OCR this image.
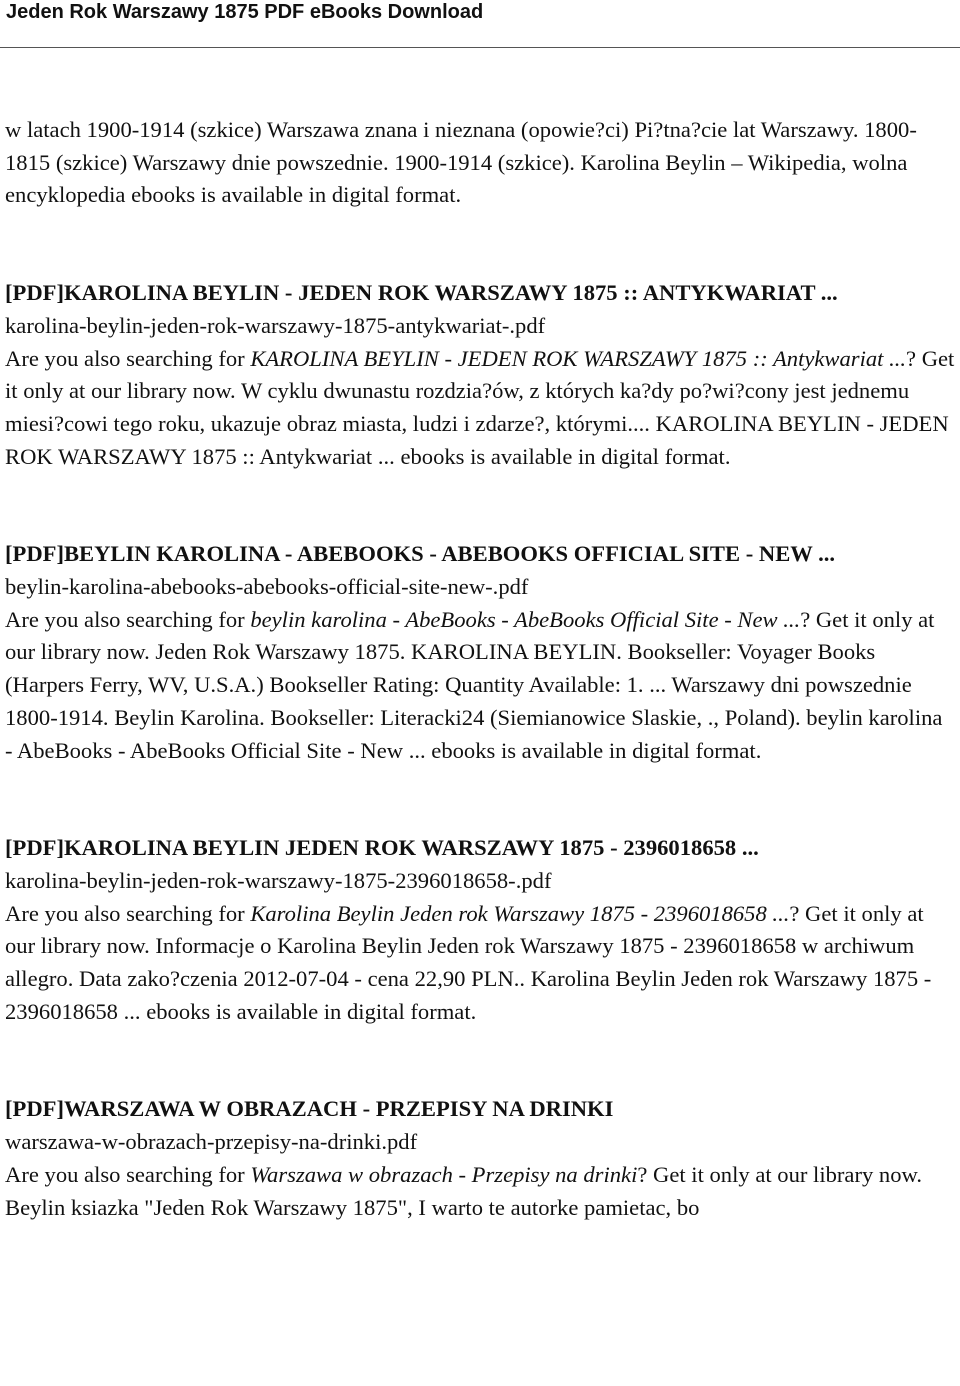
Jeden Rok Warszawy 1875 PDF eBooks Download

w latach 1900-1914 (szkice) Warszawa znana i nieznana (opowie?ci) Pi?tna?cie lat Warszawy. 1800-1815 (szkice) Warszawy dnie powszednie. 1900-1914 (szkice). Karolina Beylin – Wikipedia, wolna encyklopedia ebooks is available in digital format.

[PDF]KAROLINA BEYLIN - JEDEN ROK WARSZAWY 1875 :: ANTYKWARIAT ...

karolina-beylin-jeden-rok-warszawy-1875-antykwariat-.pdf

Are you also searching for KAROLINA BEYLIN - JEDEN ROK WARSZAWY 1875 :: Antykwariat ...? Get it only at our library now. W cyklu dwunastu rozdzia?ów, z których ka?dy po?wi?cony jest jednemu miesi?cowi tego roku, ukazuje obraz miasta, ludzi i zdarze?, którymi.... KAROLINA BEYLIN - JEDEN ROK WARSZAWY 1875 :: Antykwariat ... ebooks is available in digital format.

[PDF]BEYLIN KAROLINA - ABEBOOKS - ABEBOOKS OFFICIAL SITE - NEW ...

beylin-karolina-abebooks-abebooks-official-site-new-.pdf

Are you also searching for beylin karolina - AbeBooks - AbeBooks Official Site - New ...? Get it only at our library now. Jeden Rok Warszawy 1875. KAROLINA BEYLIN. Bookseller: Voyager Books (Harpers Ferry, WV, U.S.A.) Bookseller Rating: Quantity Available: 1. ... Warszawy dni powszednie 1800-1914. Beylin Karolina. Bookseller: Literacki24 (Siemianowice Slaskie, ., Poland). beylin karolina - AbeBooks - AbeBooks Official Site - New ... ebooks is available in digital format.

[PDF]KAROLINA BEYLIN JEDEN ROK WARSZAWY 1875 - 2396018658 ...

karolina-beylin-jeden-rok-warszawy-1875-2396018658-.pdf

Are you also searching for Karolina Beylin Jeden rok Warszawy 1875 - 2396018658 ...? Get it only at our library now. Informacje o Karolina Beylin Jeden rok Warszawy 1875 - 2396018658 w archiwum allegro. Data zako?czenia 2012-07-04 - cena 22,90 PLN.. Karolina Beylin Jeden rok Warszawy 1875 - 2396018658 ... ebooks is available in digital format.

[PDF]WARSZAWA W OBRAZACH - PRZEPISY NA DRINKI

warszawa-w-obrazach-przepisy-na-drinki.pdf

Are you also searching for Warszawa w obrazach - Przepisy na drinki? Get it only at our library now. Beylin ksiazka "Jeden Rok Warszawy 1875", I warto te autorke pamietac, bo
